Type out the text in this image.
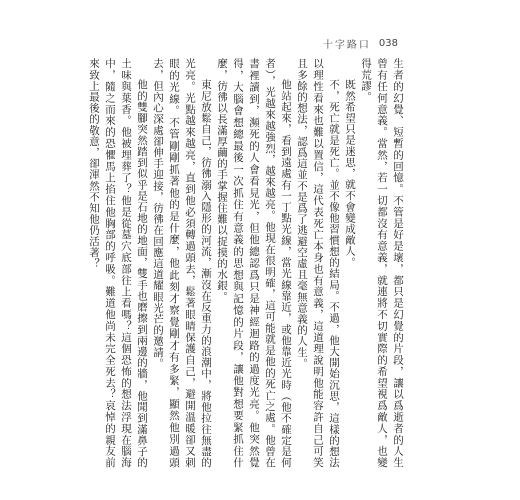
十字路口 038

生者的幻覺、短暫的回憶。不管是好是壞，都只是幻覺的片段，讓以爲逝者的人生曾有任何意義。當然，若一切都沒有意義，就連將不切實際的希望視爲敵人，也變得荒謬。

既然希望只是迷思，就不會變成敵人。

不，死亡就是死亡。並不像他習慣想的結局。不過，他大開始沉思，這樣的想法以理性看來也難以置信，這代表死亡本身也有意義，這道理說明他能容許自己可笑且多餘的想法，認爲這並不是爲了逃避空虛且毫無意義的人生。

他站起來，看到遠處有一丁點光線，當光線靠近，或他靠近光時（他不確定是何者），光越來越強烈，越來越亮。他現在很明確，這可能就是他的死亡之處。他曾在書裡讀到，瀕死的人會看見光，但他總認爲只是神經迴路的過度光亮。他突然覺得，大腦會想總最後一次抓住有意義的思想與記憶的片段，讓他對想要緊抓住什麼，彷彿以長滿厚繭的手掌握住難以捉摸的水銀。

東尼放鬆自己，彷彿溺入隱形的河流，漸沒在反重力的浪潮中，將他拉往無盡的光亮。光點越來越亮，直到他必須轉過頭去，鬆著眼睛保護自己，避開溫暖卻又刺眼的光線。不管剛剛抓著他的是什麼，他此刻才察覺剛才有多緊，顯然他別過頭去，但內心深處卻伸手迎接，彷彿在回應這道耀眼光芒的邀請。

他的雙腳突然踏到似乎是石地的地面，雙手也磨擦到兩邊的牆，他聞到滿鼻子的土味與葉香。他被埋葬了？他是從墓穴底部往上看嗎？這個恐怖的想法浮現在腦海中，隨之而來的恐懼馬上掐住他胸部的呼吸。難道他尚未完全死去？哀悼的親友前來致上最後的敬意，卻渾然不知他仍活著？
